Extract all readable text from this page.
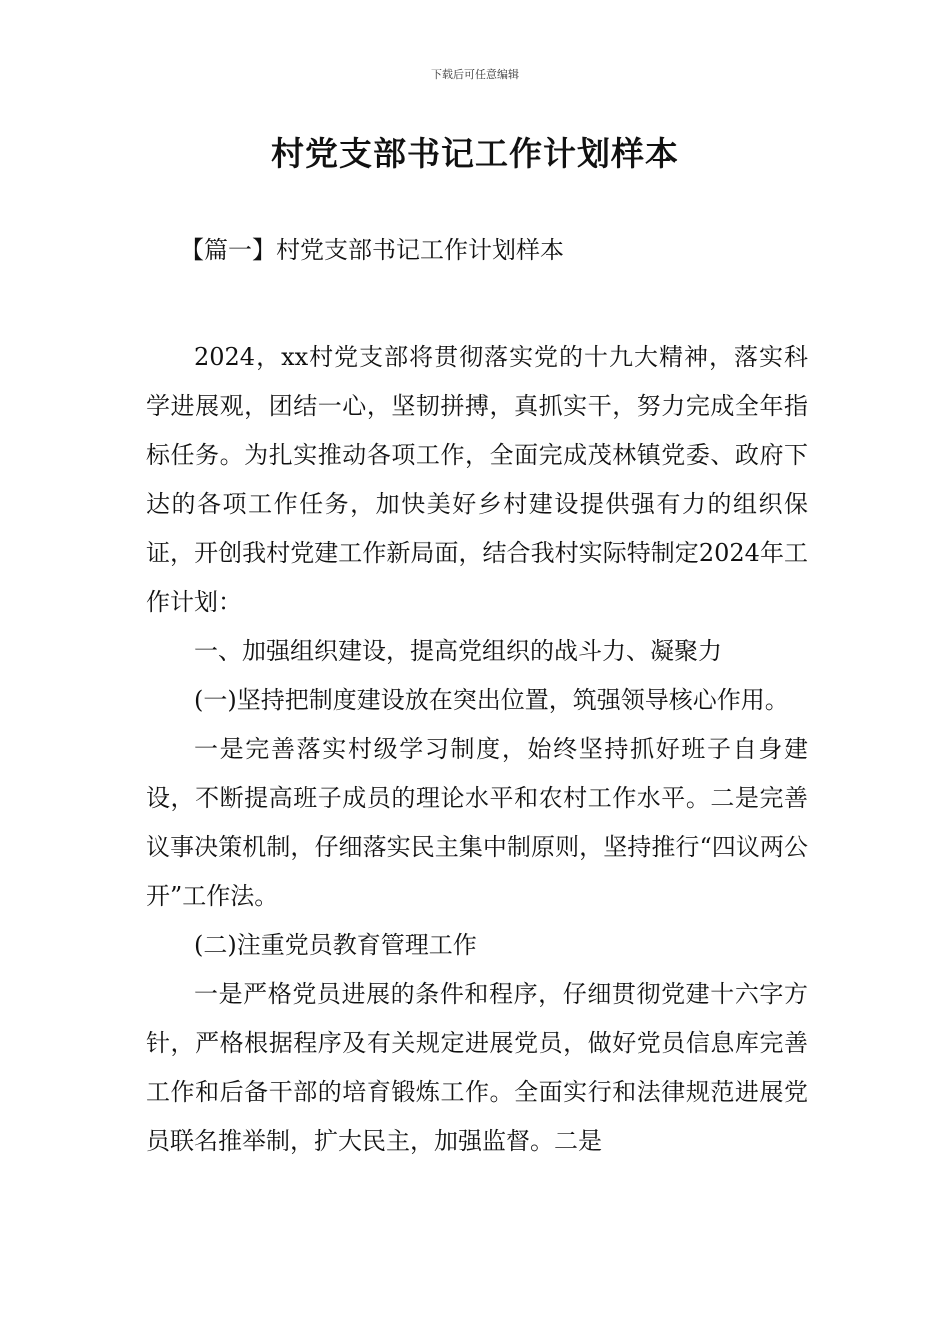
下载后可任意编辑
村党支部书记工作计划样本
【篇一】村党支部书记工作计划样本

2024，xx村党支部将贯彻落实党的十九大精神，落实科学进展观，团结一心，坚韧拼搏，真抓实干，努力完成全年指标任务。为扎实推动各项工作，全面完成茂林镇党委、政府下达的各项工作任务，加快美好乡村建设提供强有力的组织保证，开创我村党建工作新局面，结合我村实际特制定2024年工作计划：

一、加强组织建设，提高党组织的战斗力、凝聚力

(一)坚持把制度建设放在突出位置，筑强领导核心作用。

一是完善落实村级学习制度，始终坚持抓好班子自身建设，不断提高班子成员的理论水平和农村工作水平。二是完善议事决策机制，仔细落实民主集中制原则，坚持推行“四议两公开”工作法。

(二)注重党员教育管理工作

一是严格党员进展的条件和程序，仔细贯彻党建十六字方针，严格根据程序及有关规定进展党员，做好党员信息库完善工作和后备干部的培育锻炼工作。全面实行和法律规范进展党员联名推举制，扩大民主，加强监督。二是
